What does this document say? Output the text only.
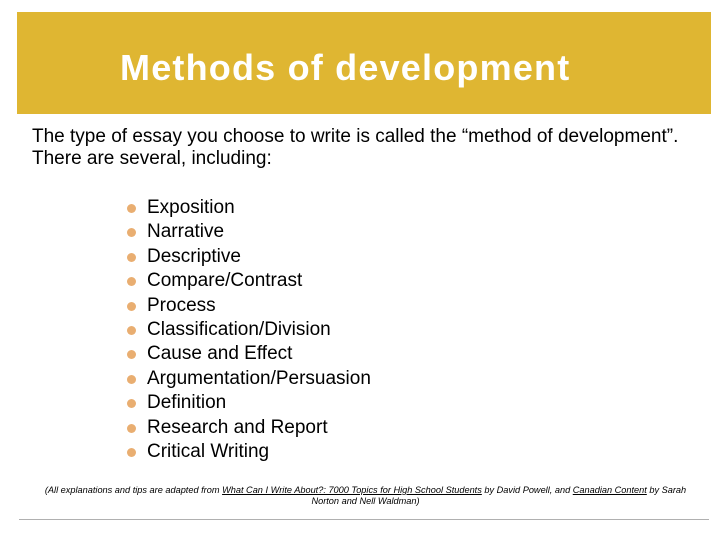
Methods of development
The type of essay you choose to write is called the “method of development”. There are several, including:
Exposition
Narrative
Descriptive
Compare/Contrast
Process
Classification/Division
Cause and Effect
Argumentation/Persuasion
Definition
Research and Report
Critical Writing
(All explanations and tips are adapted from What Can I Write About?: 7000 Topics for High School Students by David Powell, and Canadian Content by Sarah Norton and Nell Waldman)
